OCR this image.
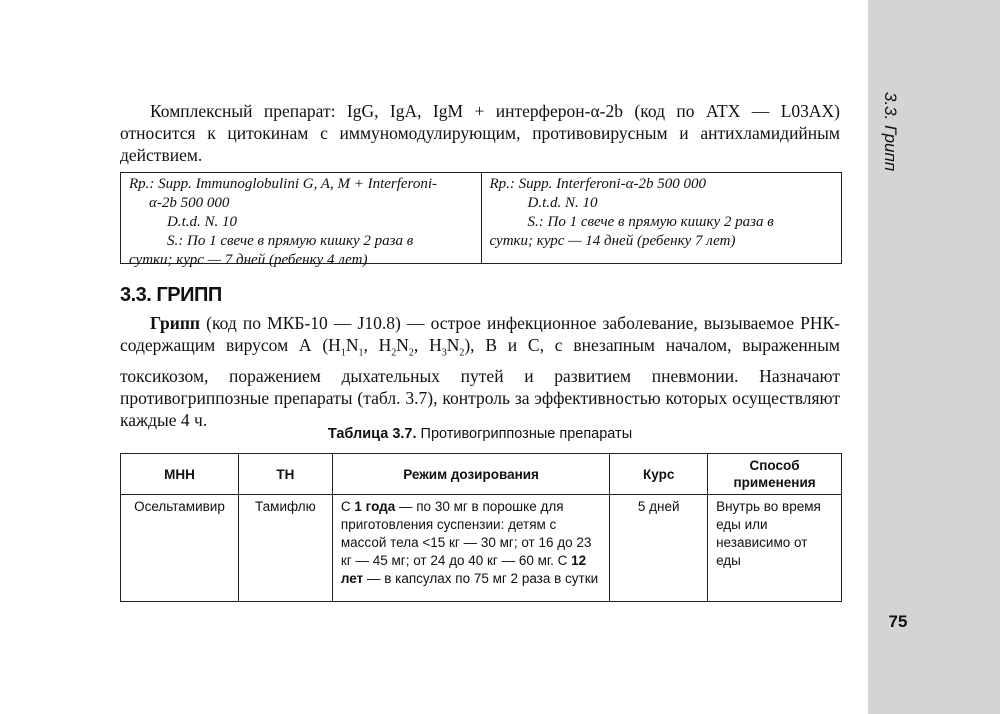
3.3. Грипп
75

Комплексный препарат: IgG, IgA, IgM + интерферон-α-2b (код по АТХ — L03AX) относится к цитокинам с иммуномодулирующим, противовирусным и антихламидийным действием.

Rp.: Supp. Immunoglobulini G, A, M + Interferoni-
α-2b 500 000
D.t.d. N. 10
S.: По 1 свече в прямую кишку 2 раза в
сутки; курс — 7 дней (ребенку 4 лет)
Rp.: Supp. Interferoni-α-2b 500 000
D.t.d. N. 10
S.: По 1 свече в прямую кишку 2 раза в
сутки; курс — 14 дней (ребенку 7 лет)
3.3. ГРИПП

Грипп (код по МКБ-10 — J10.8) — острое инфекционное заболевание, вызываемое РНК-содержащим вирусом А ($H_1N_1$, $H_2N_2$, $H_3N_2$), В и С, с внезапным началом, выраженным токсикозом, поражением дыхательных путей и развитием пневмонии. Назначают противогриппозные препараты (табл. 3.7), контроль за эффективностью которых осуществляют каждые 4 ч.

Таблица 3.7. Противогриппозные препараты
МНН	ТН	Режим дозирования	Курс	Способ применения
Осельтамивир	Тамифлю	С 1 года — по 30 мг в порошке для приготовления суспензии: детям с массой тела <15 кг — 30 мг; от 16 до 23 кг — 45 мг; от 24 до 40 кг — 60 мг. С 12 лет — в капсулах по 75 мг 2 раза в сутки	5 дней	Внутрь во время еды или независимо от еды
